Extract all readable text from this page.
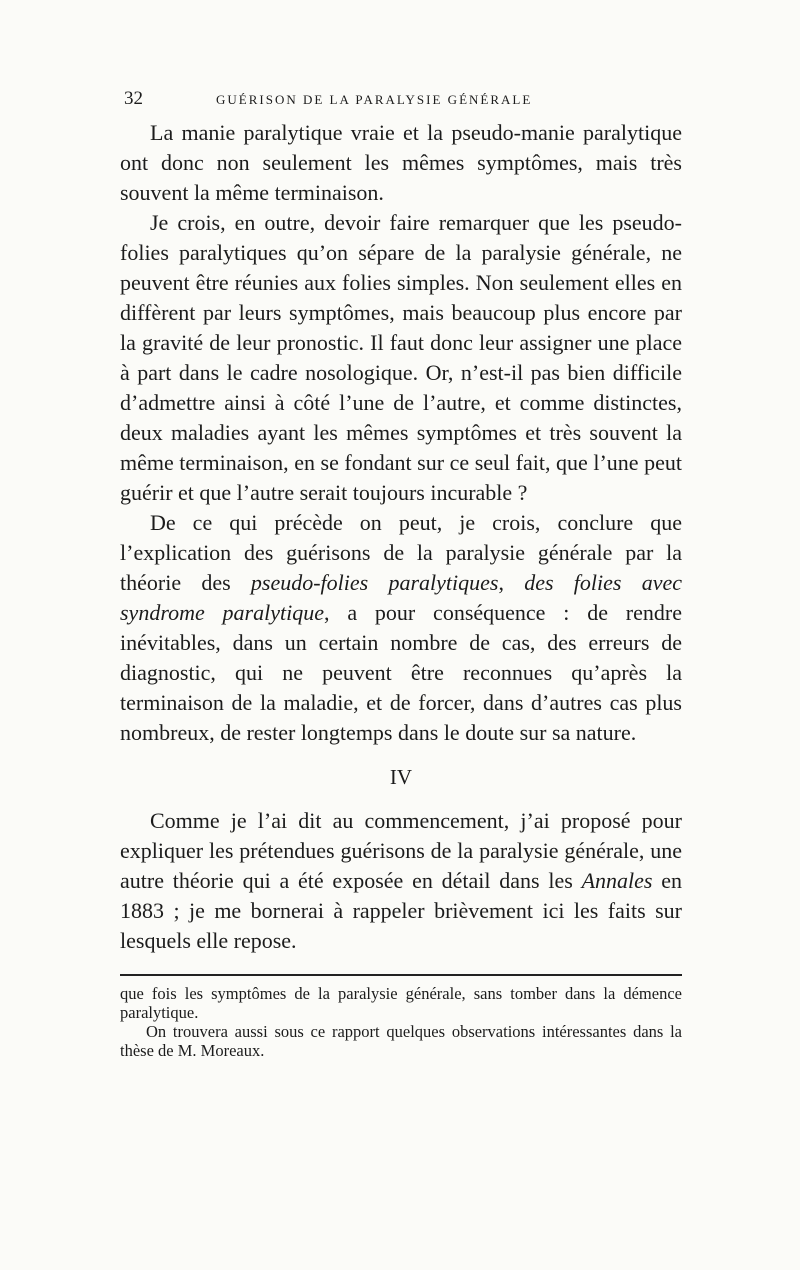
32	GUÉRISON DE LA PARALYSIE GÉNÉRALE

La manie paralytique vraie et la pseudo-manie paralytique ont donc non seulement les mêmes symptômes, mais très souvent la même terminaison.

Je crois, en outre, devoir faire remarquer que les pseudo-folies paralytiques qu’on sépare de la paralysie générale, ne peuvent être réunies aux folies simples. Non seulement elles en diffèrent par leurs symptômes, mais beaucoup plus encore par la gravité de leur pronostic. Il faut donc leur assigner une place à part dans le cadre nosologique. Or, n’est-il pas bien difficile d’admettre ainsi à côté l’une de l’autre, et comme distinctes, deux maladies ayant les mêmes symptômes et très souvent la même terminaison, en se fondant sur ce seul fait, que l’une peut guérir et que l’autre serait toujours incurable ?

De ce qui précède on peut, je crois, conclure que l’explication des guérisons de la paralysie générale par la théorie des pseudo-folies paralytiques, des folies avec syndrome paralytique, a pour conséquence : de rendre inévitables, dans un certain nombre de cas, des erreurs de diagnostic, qui ne peuvent être reconnues qu’après la terminaison de la maladie, et de forcer, dans d’autres cas plus nombreux, de rester longtemps dans le doute sur sa nature.

IV

Comme je l’ai dit au commencement, j’ai proposé pour expliquer les prétendues guérisons de la paralysie générale, une autre théorie qui a été exposée en détail dans les Annales en 1883 ; je me bornerai à rappeler brièvement ici les faits sur lesquels elle repose.

que fois les symptômes de la paralysie générale, sans tomber dans la démence paralytique.

On trouvera aussi sous ce rapport quelques observations intéressantes dans la thèse de M. Moreaux.
